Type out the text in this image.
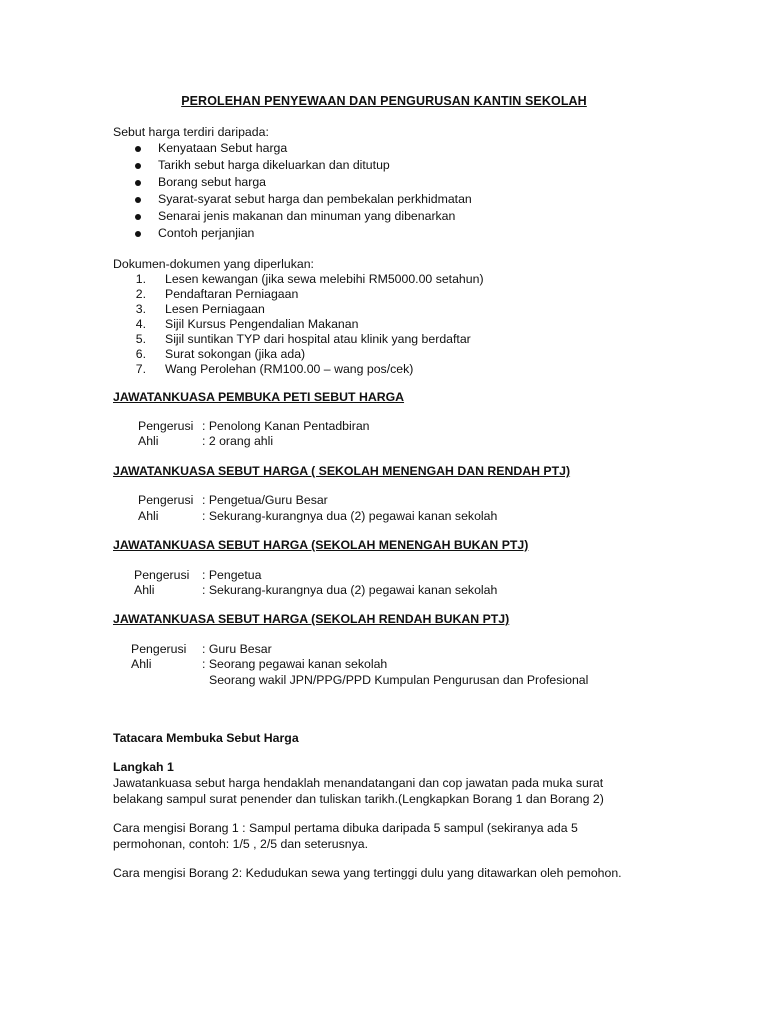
PEROLEHAN PENYEWAAN DAN PENGURUSAN KANTIN SEKOLAH
Sebut harga terdiri daripada:
Kenyataan Sebut harga
Tarikh sebut harga dikeluarkan dan ditutup
Borang sebut harga
Syarat-syarat sebut harga dan pembekalan perkhidmatan
Senarai jenis makanan dan minuman yang dibenarkan
Contoh perjanjian
Dokumen-dokumen yang diperlukan:
1. Lesen kewangan (jika sewa melebihi RM5000.00 setahun)
2. Pendaftaran Perniagaan
3. Lesen Perniagaan
4. Sijil Kursus Pengendalian Makanan
5. Sijil suntikan TYP dari hospital atau klinik yang berdaftar
6. Surat sokongan (jika ada)
7. Wang Perolehan (RM100.00 – wang pos/cek)
JAWATANKUASA PEMBUKA PETI SEBUT HARGA
Pengerusi : Penolong Kanan Pentadbiran
Ahli	: 2 orang ahli
JAWATANKUASA SEBUT HARGA ( SEKOLAH MENENGAH DAN RENDAH PTJ)
Pengerusi : Pengetua/Guru Besar
Ahli	: Sekurang-kurangnya dua (2) pegawai kanan sekolah
JAWATANKUASA SEBUT HARGA (SEKOLAH MENENGAH BUKAN PTJ)
Pengerusi : Pengetua
Ahli	: Sekurang-kurangnya dua (2) pegawai kanan sekolah
JAWATANKUASA SEBUT HARGA (SEKOLAH RENDAH BUKAN PTJ)
Pengerusi : Guru Besar
Ahli	: Seorang pegawai kanan sekolah
Seorang wakil JPN/PPG/PPD Kumpulan Pengurusan dan Profesional
Tatacara Membuka Sebut Harga
Langkah 1
Jawatankuasa sebut harga hendaklah menandatangani dan cop jawatan pada muka surat
belakang sampul surat penender dan tuliskan tarikh.(Lengkapkan Borang 1 dan Borang 2)
Cara mengisi Borang 1 : Sampul pertama dibuka daripada 5 sampul (sekiranya ada 5
permohonan, contoh: 1/5 , 2/5 dan seterusnya.
Cara mengisi Borang 2: Kedudukan sewa yang tertinggi dulu yang ditawarkan oleh pemohon.
